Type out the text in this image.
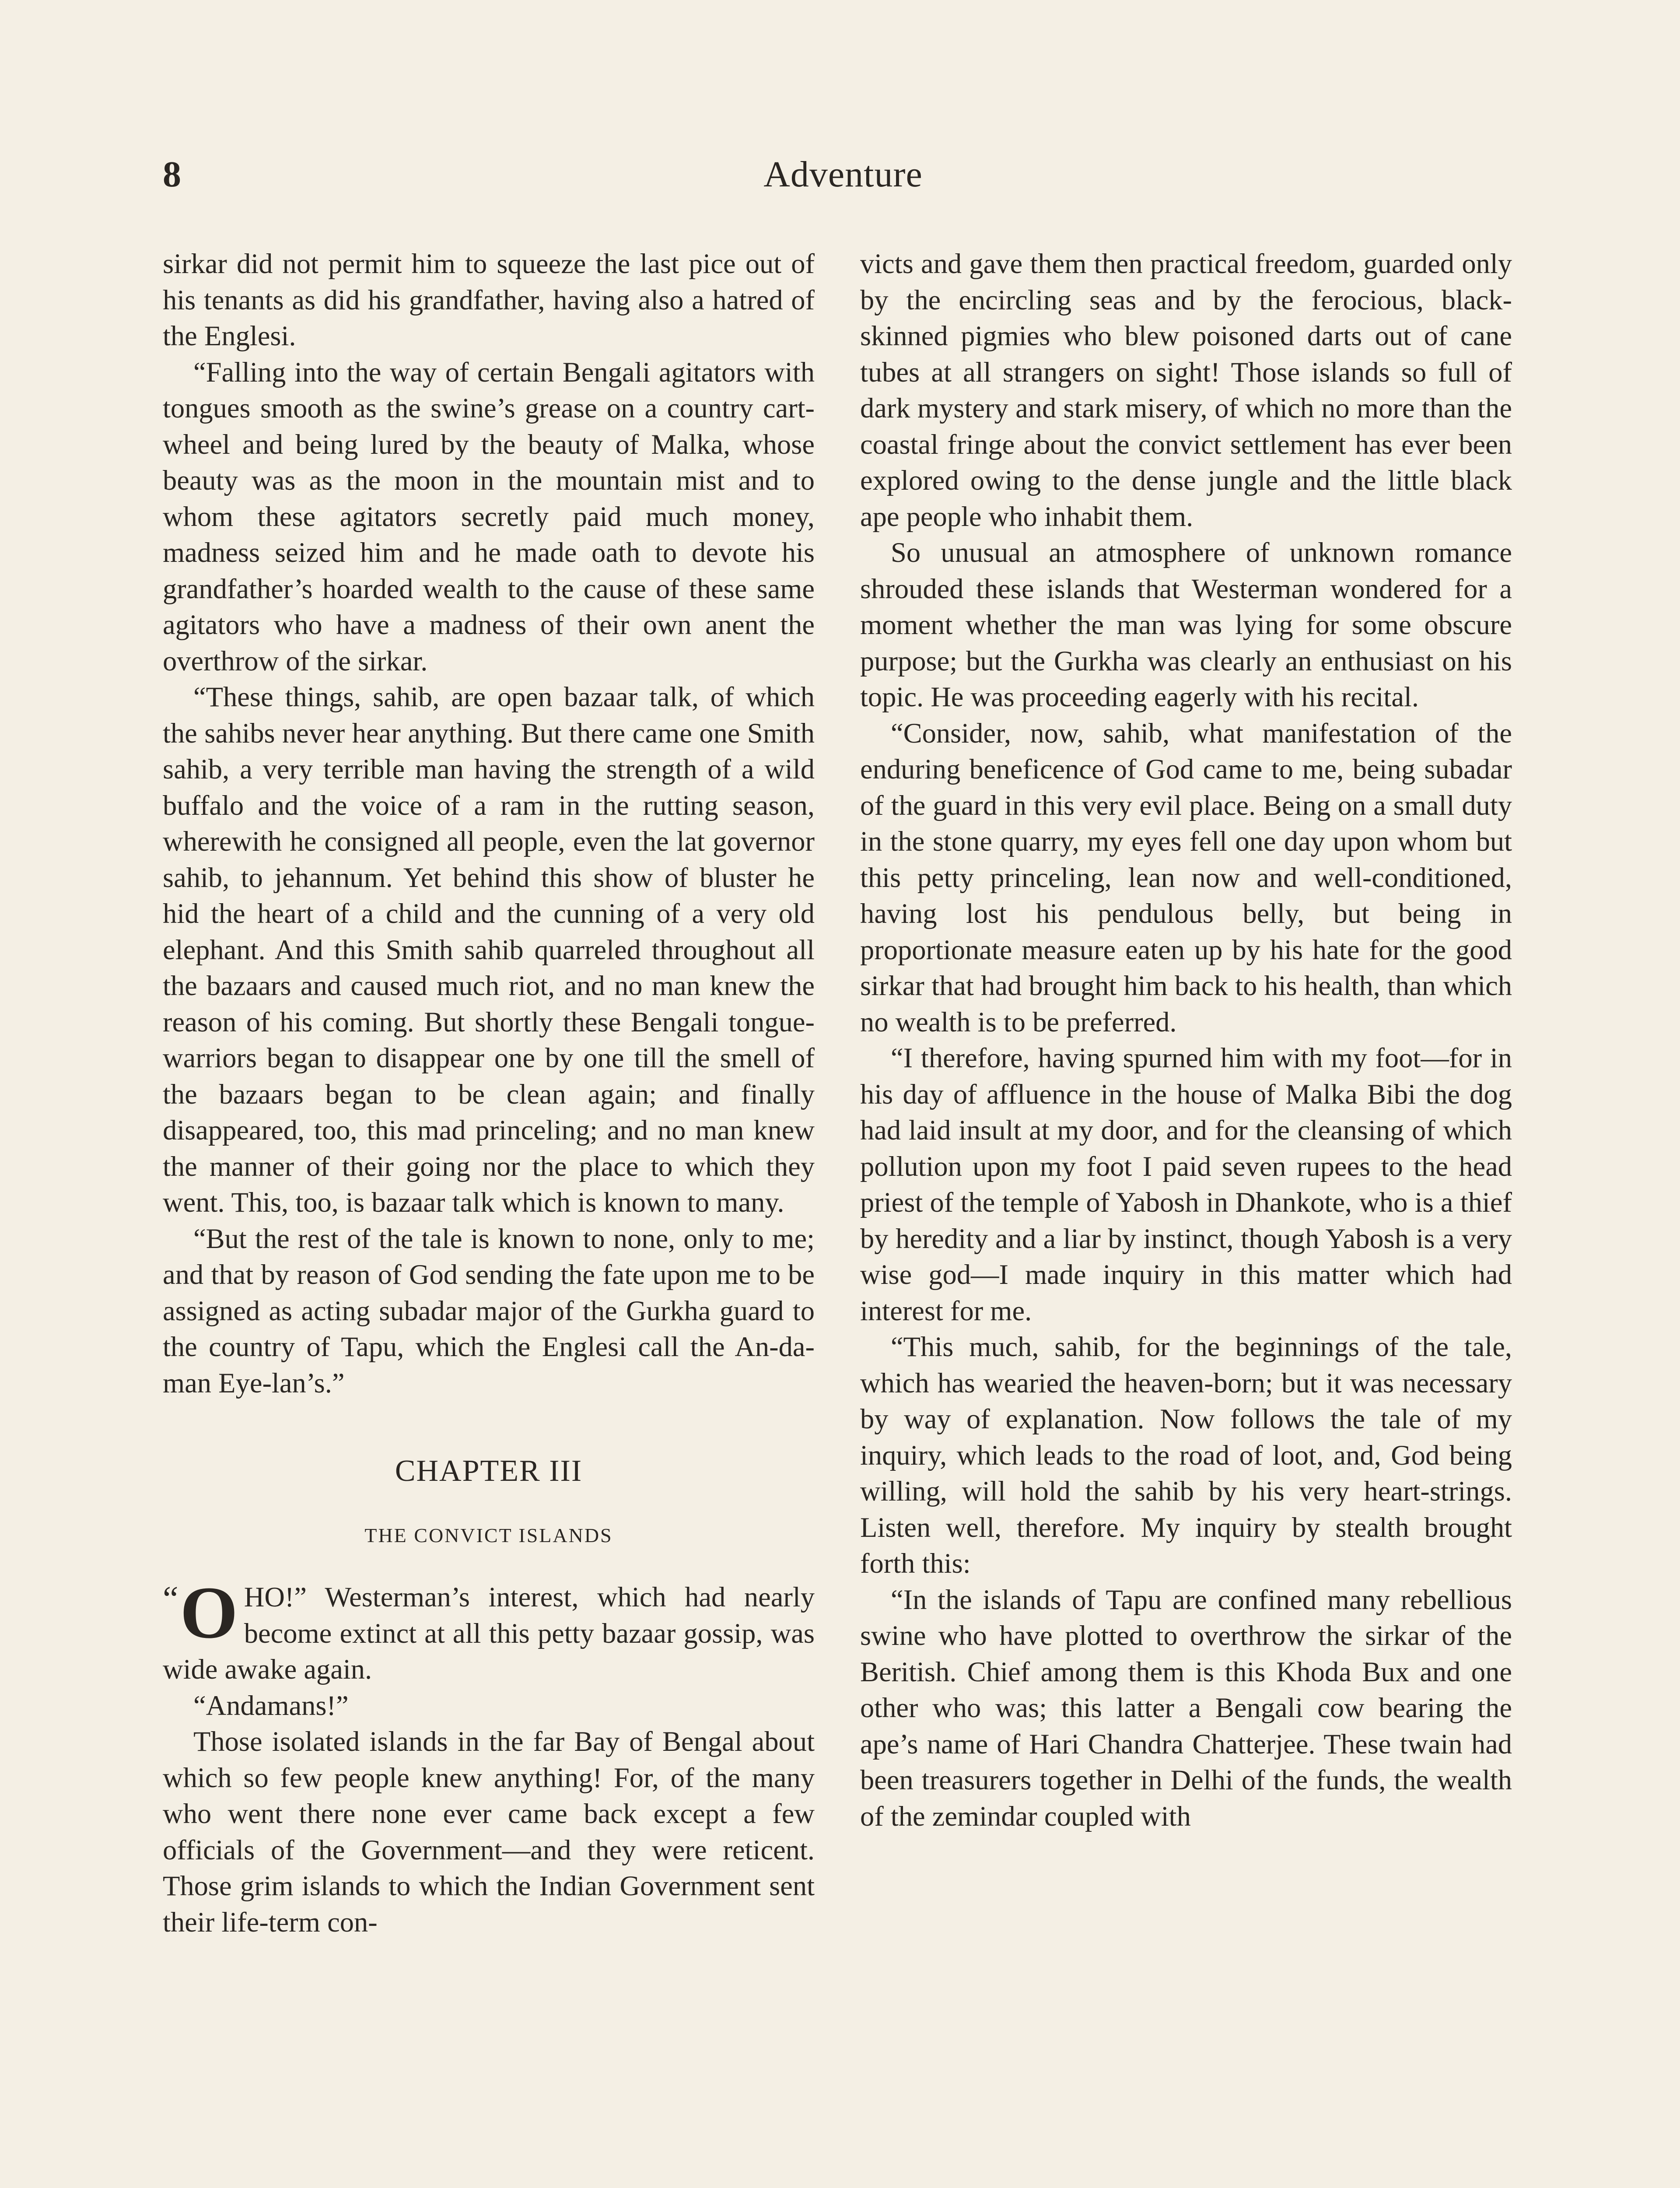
8	Adventure

sirkar did not permit him to squeeze the last pice out of his tenants as did his grandfather, having also a hatred of the Englesi.

“Falling into the way of certain Bengali agitators with tongues smooth as the swine’s grease on a country cart-wheel and being lured by the beauty of Malka, whose beauty was as the moon in the mountain mist and to whom these agitators secretly paid much money, madness seized him and he made oath to devote his grandfather’s hoarded wealth to the cause of these same agitators who have a madness of their own anent the overthrow of the sirkar.

“These things, sahib, are open bazaar talk, of which the sahibs never hear anything. But there came one Smith sahib, a very terrible man having the strength of a wild buffalo and the voice of a ram in the rutting season, wherewith he consigned all people, even the lat governor sahib, to jehannum. Yet behind this show of bluster he hid the heart of a child and the cunning of a very old elephant. And this Smith sahib quarreled throughout all the bazaars and caused much riot, and no man knew the reason of his coming. But shortly these Bengali tongue-warriors began to disappear one by one till the smell of the bazaars began to be clean again; and finally disappeared, too, this mad princeling; and no man knew the manner of their going nor the place to which they went. This, too, is bazaar talk which is known to many.

“But the rest of the tale is known to none, only to me; and that by reason of God sending the fate upon me to be assigned as acting subadar major of the Gurkha guard to the country of Tapu, which the Englesi call the An-da-man Eye-lan’s.”

CHAPTER III

THE CONVICT ISLANDS

“ O HO!” Westerman’s interest, which had nearly become extinct at all this petty bazaar gossip, was wide awake again.

“Andamans!”

Those isolated islands in the far Bay of Bengal about which so few people knew anything! For, of the many who went there none ever came back except a few officials of the Government—and they were reticent. Those grim islands to which the Indian Government sent their life-term con-

victs and gave them then practical freedom, guarded only by the encircling seas and by the ferocious, black-skinned pigmies who blew poisoned darts out of cane tubes at all strangers on sight! Those islands so full of dark mystery and stark misery, of which no more than the coastal fringe about the convict settlement has ever been explored owing to the dense jungle and the little black ape people who inhabit them.

So unusual an atmosphere of unknown romance shrouded these islands that Westerman wondered for a moment whether the man was lying for some obscure purpose; but the Gurkha was clearly an enthusiast on his topic. He was proceeding eagerly with his recital.

“Consider, now, sahib, what manifestation of the enduring beneficence of God came to me, being subadar of the guard in this very evil place. Being on a small duty in the stone quarry, my eyes fell one day upon whom but this petty princeling, lean now and well-conditioned, having lost his pendulous belly, but being in proportionate measure eaten up by his hate for the good sirkar that had brought him back to his health, than which no wealth is to be preferred.

“I therefore, having spurned him with my foot—for in his day of affluence in the house of Malka Bibi the dog had laid insult at my door, and for the cleansing of which pollution upon my foot I paid seven rupees to the head priest of the temple of Yabosh in Dhankote, who is a thief by heredity and a liar by instinct, though Yabosh is a very wise god—I made inquiry in this matter which had interest for me.

“This much, sahib, for the beginnings of the tale, which has wearied the heaven-born; but it was necessary by way of explanation. Now follows the tale of my inquiry, which leads to the road of loot, and, God being willing, will hold the sahib by his very heart-strings. Listen well, therefore. My inquiry by stealth brought forth this:

“In the islands of Tapu are confined many rebellious swine who have plotted to overthrow the sirkar of the Beritish. Chief among them is this Khoda Bux and one other who was; this latter a Bengali cow bearing the ape’s name of Hari Chandra Chatterjee. These twain had been treasurers together in Delhi of the funds, the wealth of the zemindar coupled with
